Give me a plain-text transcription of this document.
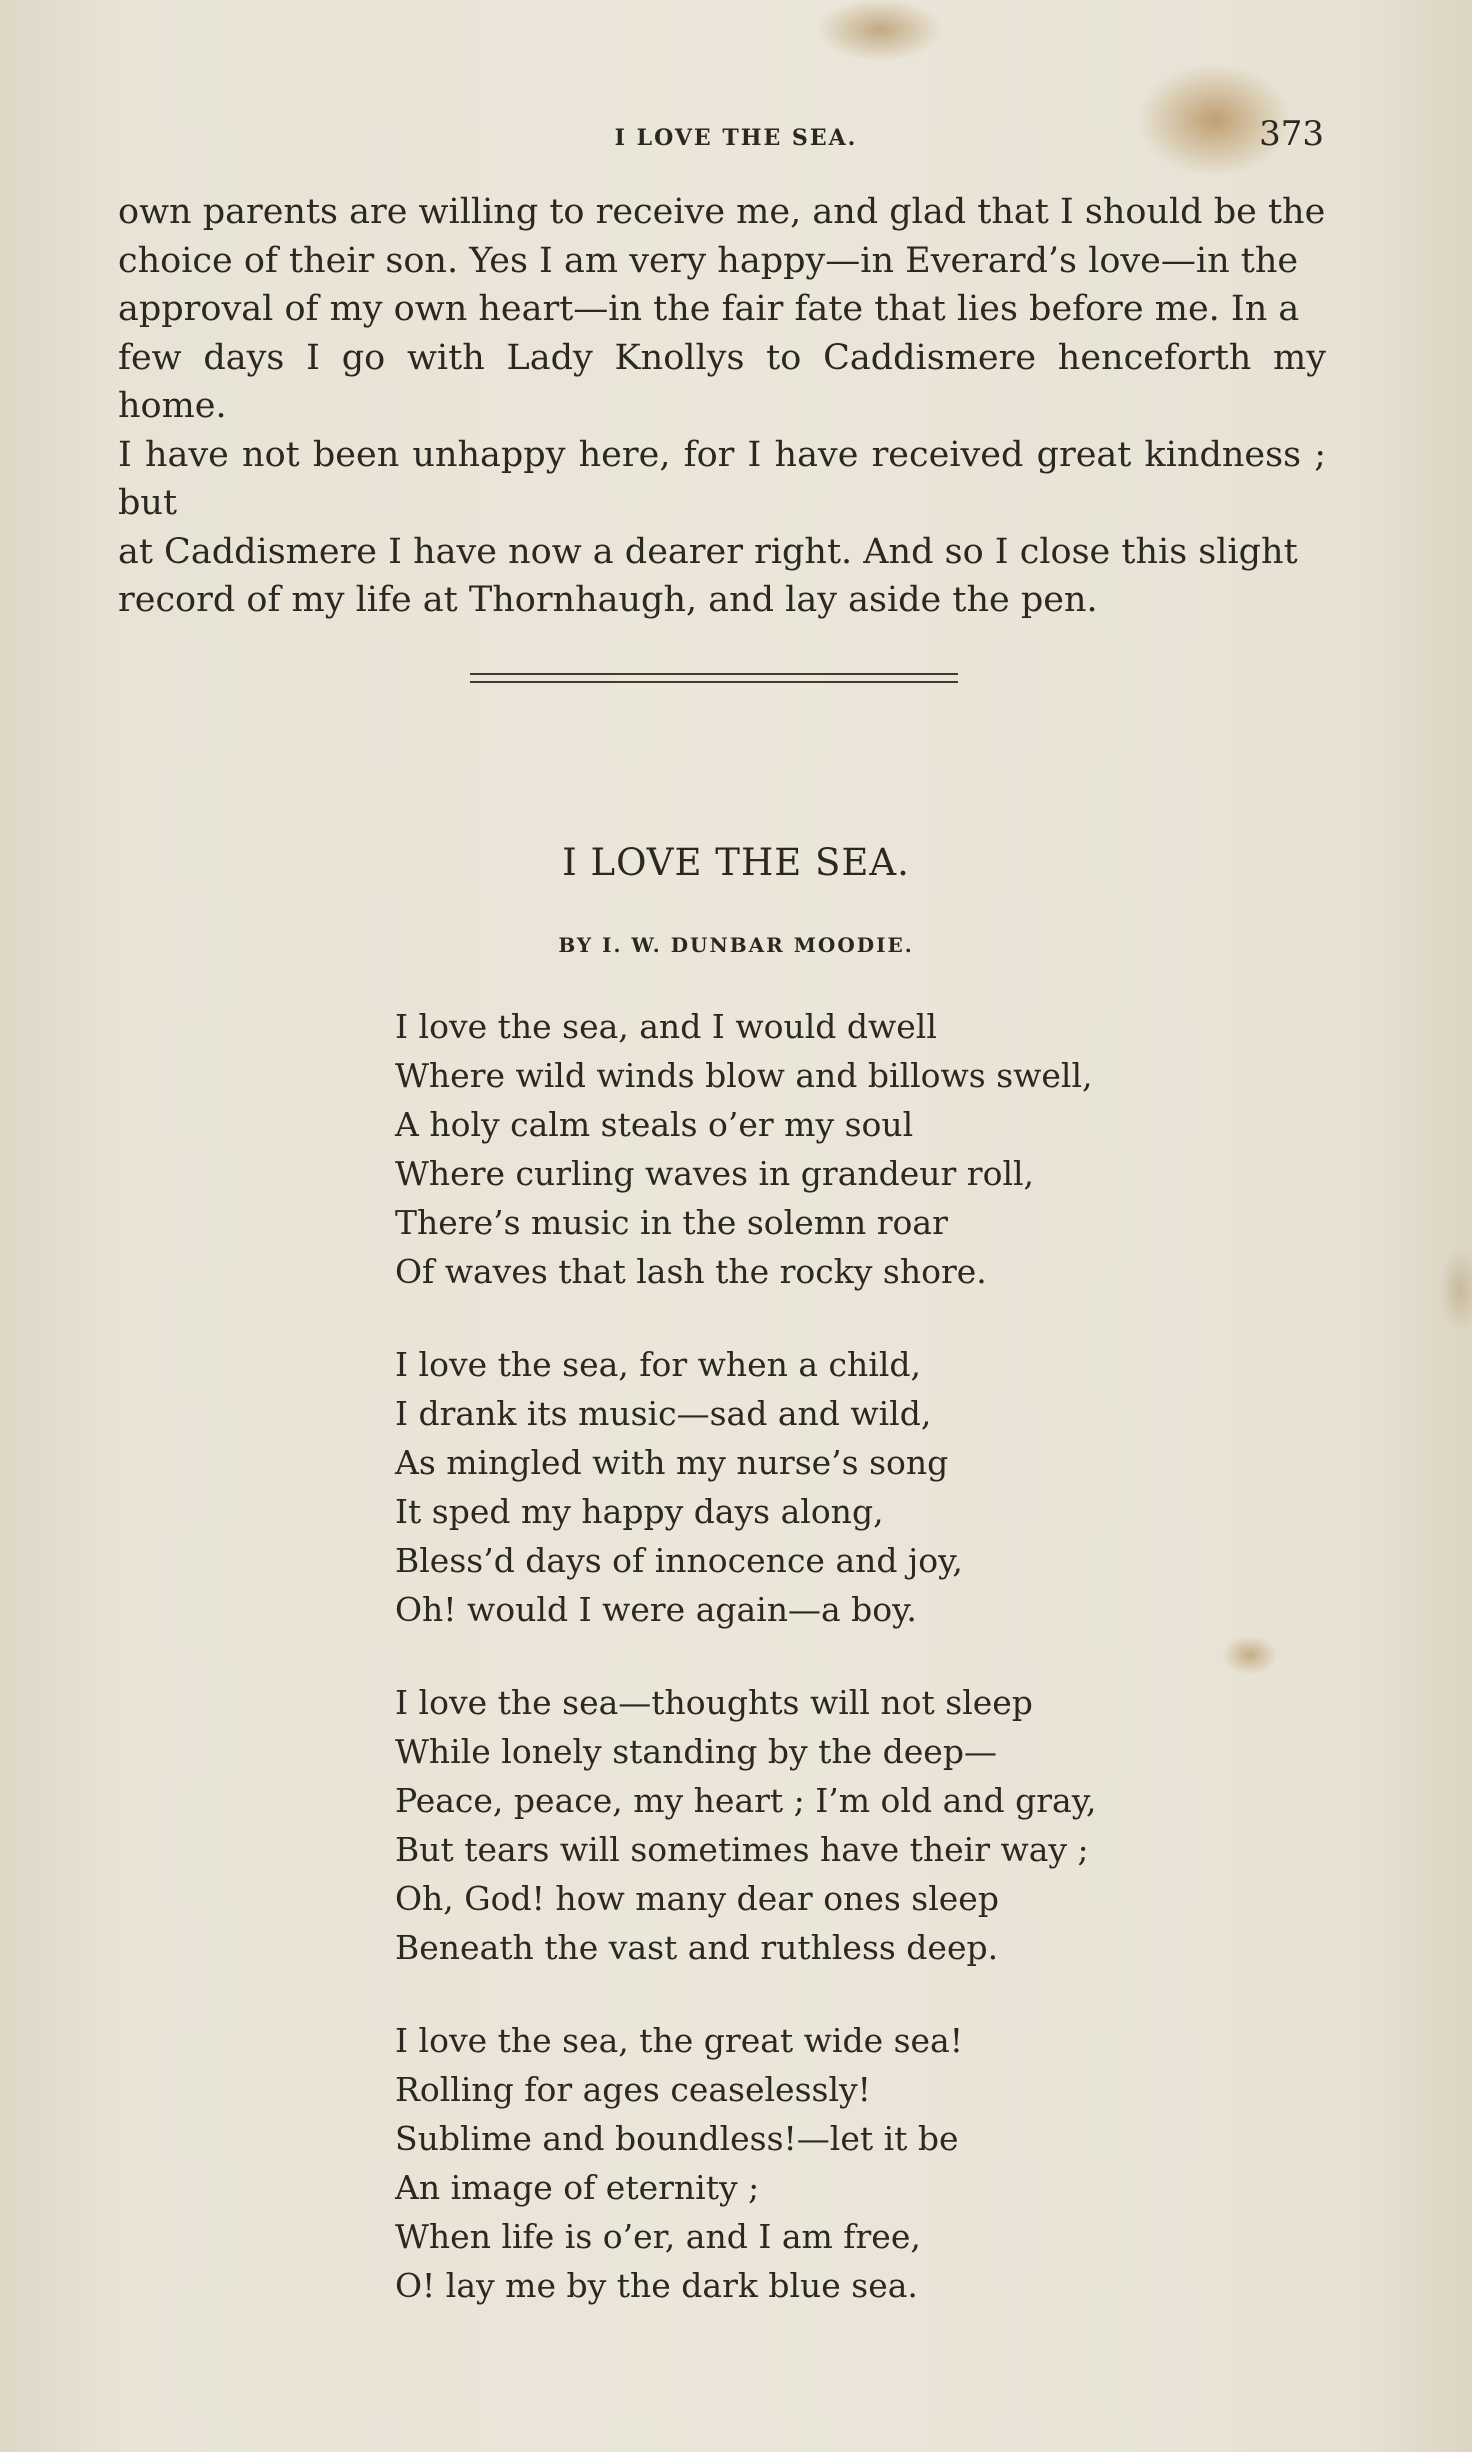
I LOVE THE SEA.	373

own parents are willing to receive me, and glad that I should be the

choice of their son. Yes I am very happy—in Everard’s love—in the

approval of my own heart—in the fair fate that lies before me. In a

few days I go with Lady Knollys to Caddismere henceforth my home.

I have not been unhappy here, for I have received great kindness ; but

at Caddismere I have now a dearer right. And so I close this slight

record of my life at Thornhaugh, and lay aside the pen.

I LOVE THE SEA.
BY I. W. DUNBAR MOODIE.
I love the sea, and I would dwell
Where wild winds blow and billows swell,
A holy calm steals o’er my soul
Where curling waves in grandeur roll,
There’s music in the solemn roar
Of waves that lash the rocky shore.
I love the sea, for when a child,
I drank its music—sad and wild,
As mingled with my nurse’s song
It sped my happy days along,
Bless’d days of innocence and joy,
Oh! would I were again—a boy.
I love the sea—thoughts will not sleep
While lonely standing by the deep—
Peace, peace, my heart ; I’m old and gray,
But tears will sometimes have their way ;
Oh, God! how many dear ones sleep
Beneath the vast and ruthless deep.
I love the sea, the great wide sea!
Rolling for ages ceaselessly!
Sublime and boundless!—let it be
An image of eternity ;
When life is o’er, and I am free,
O! lay me by the dark blue sea.
